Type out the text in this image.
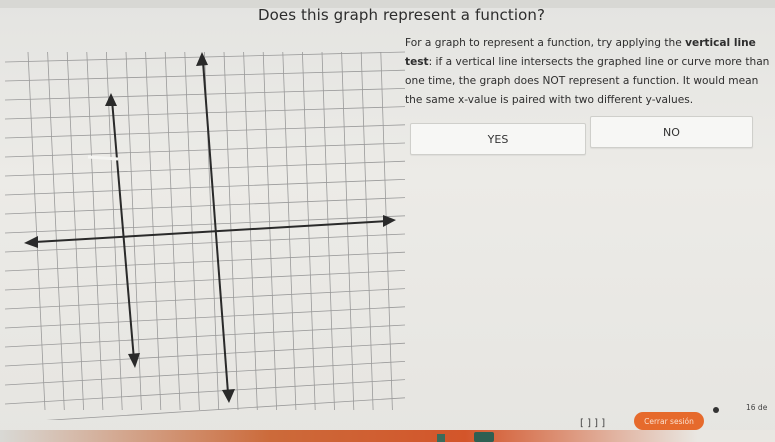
Does this graph represent a function?
For a graph to represent a function, try applying the vertical line test: if a vertical line intersects the graphed line or curve more than one time, the graph does NOT represent a function. It would mean the same x-value is paired with two different y-values.
YES
NO
[ ] ] ]	Cerrar sesión
16 de
